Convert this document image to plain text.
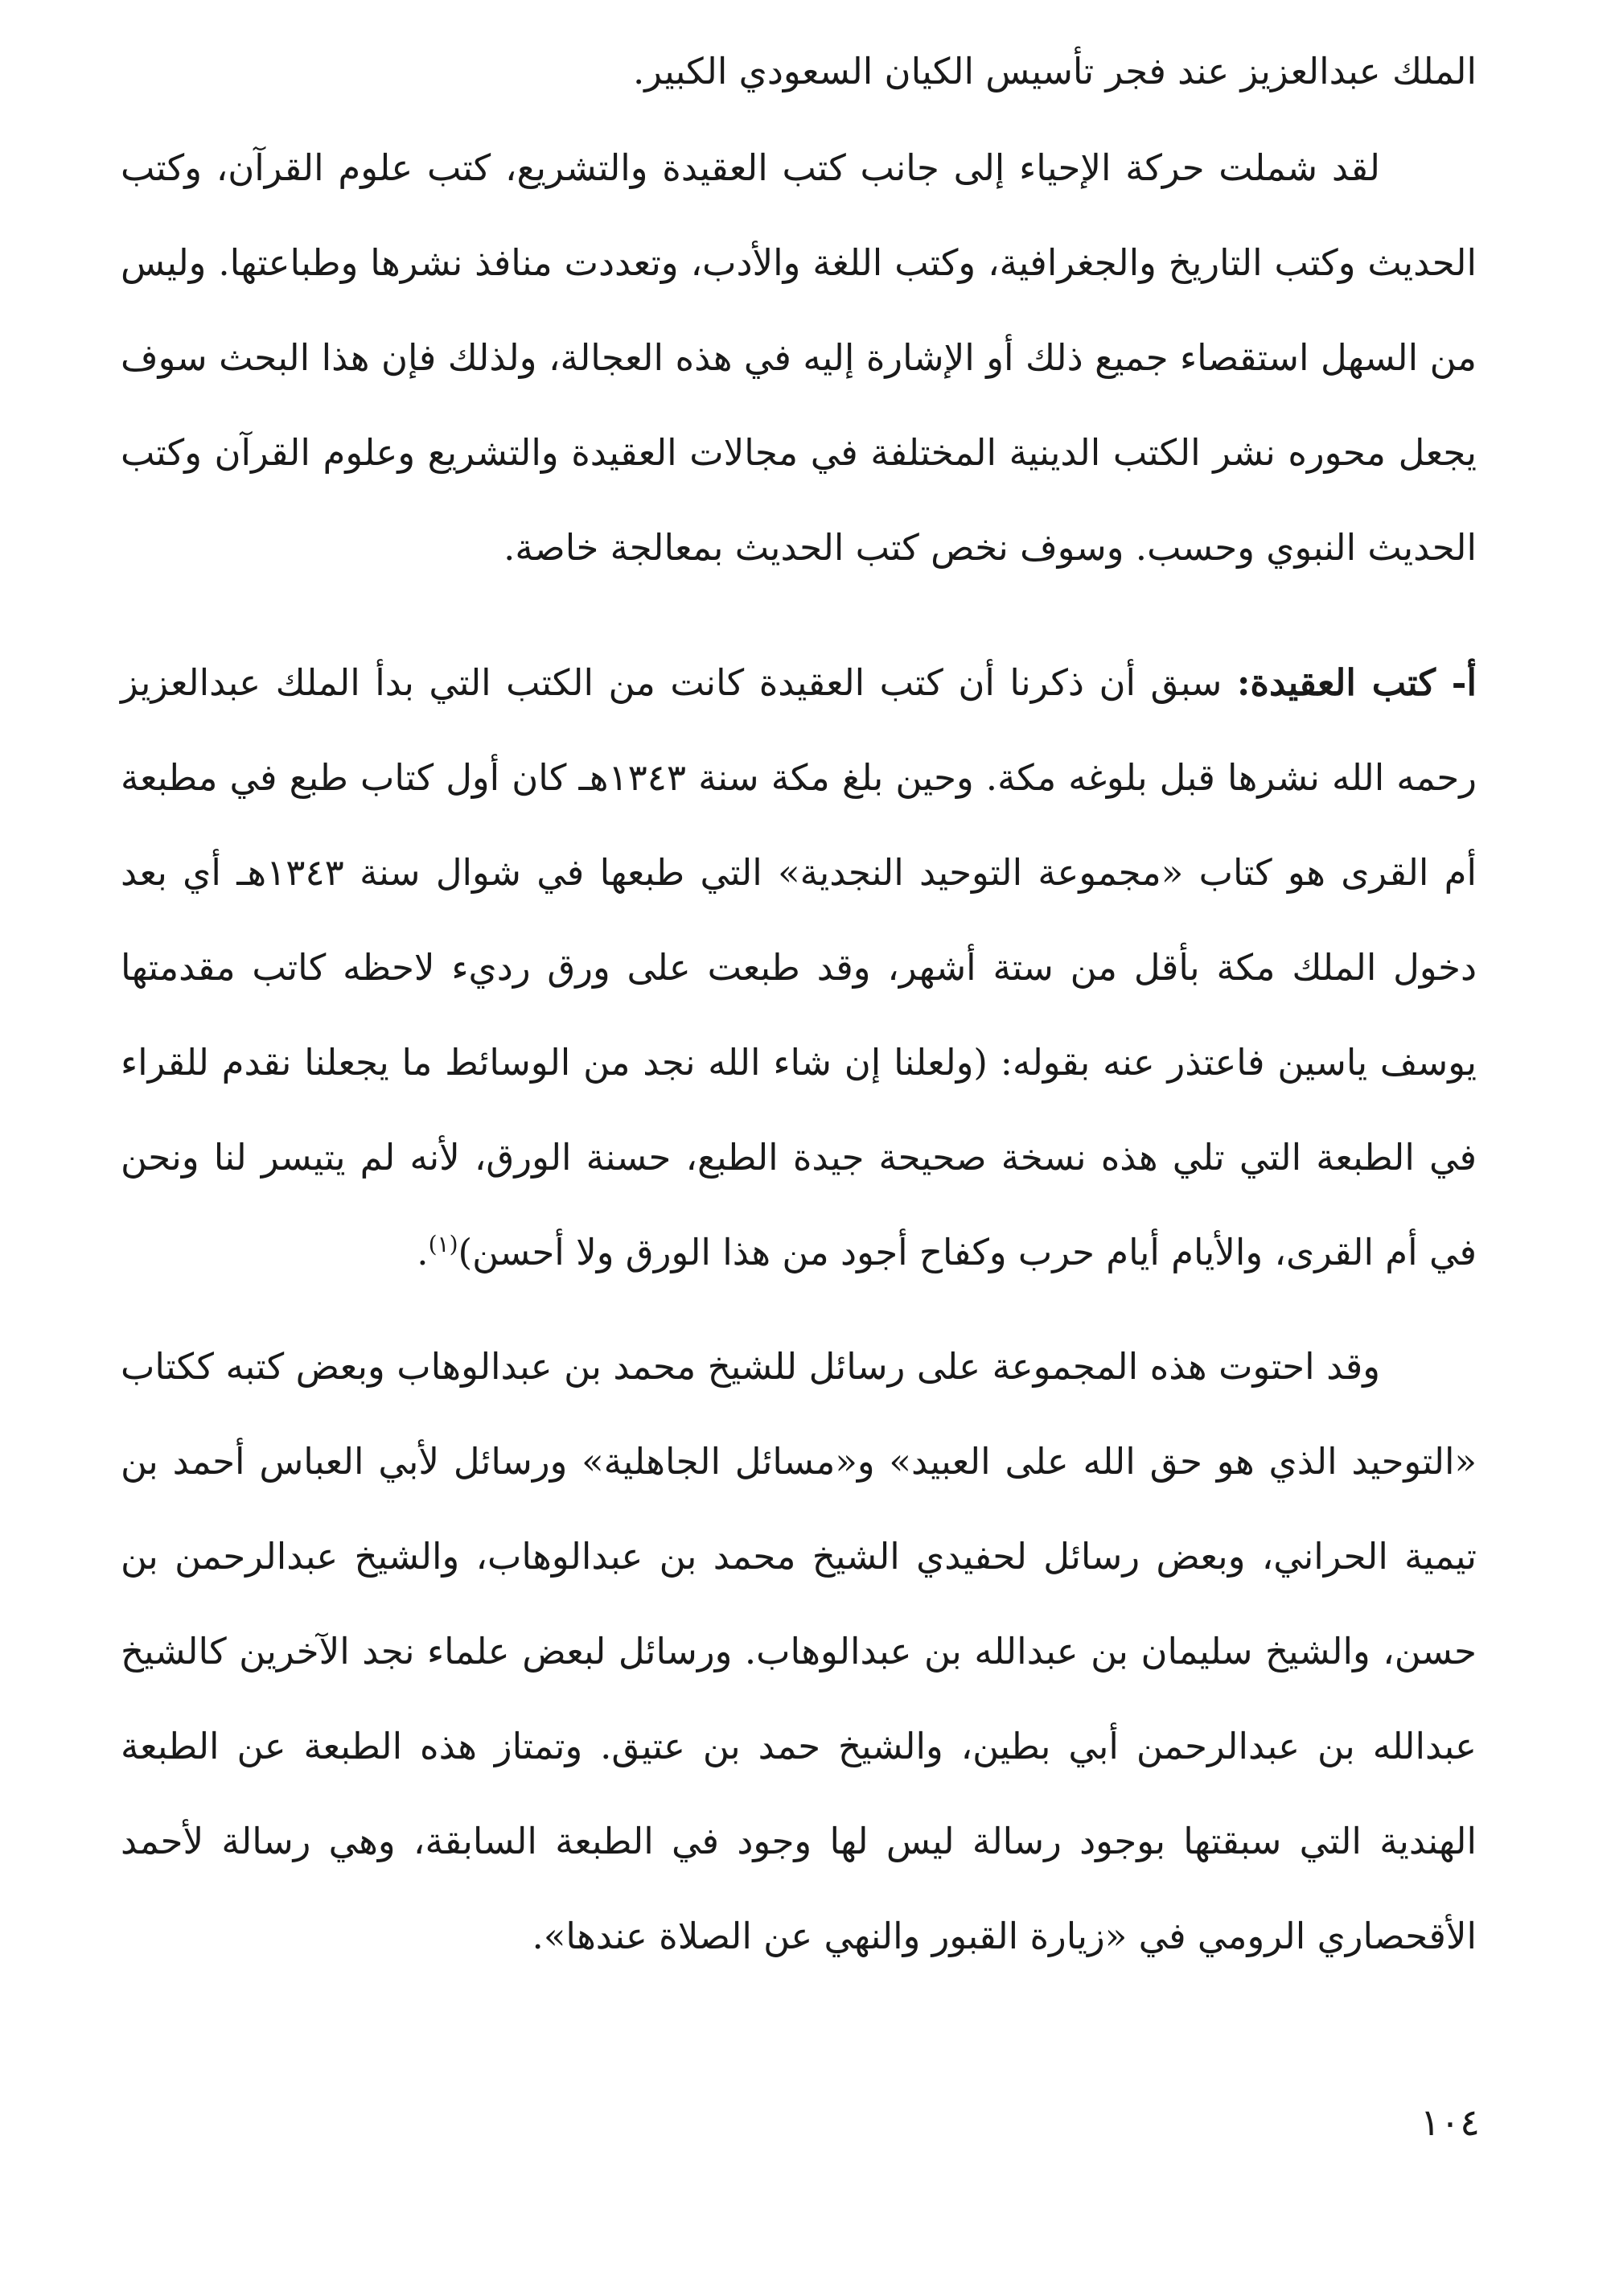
الملك عبدالعزيز عند فجر تأسيس الكيان السعودي الكبير.
لقد شملت حركة الإحياء إلى جانب كتب العقيدة والتشريع، كتب علوم القرآن، وكتب الحديث وكتب التاريخ والجغرافية، وكتب اللغة والأدب، وتعددت منافذ نشرها وطباعتها. وليس من السهل استقصاء جميع ذلك أو الإشارة إليه في هذه العجالة، ولذلك فإن هذا البحث سوف يجعل محوره نشر الكتب الدينية المختلفة في مجالات العقيدة والتشريع وعلوم القرآن وكتب الحديث النبوي وحسب. وسوف نخص كتب الحديث بمعالجة خاصة.
أ- كتب العقيدة: سبق أن ذكرنا أن كتب العقيدة كانت من الكتب التي بدأ الملك عبدالعزيز رحمه الله نشرها قبل بلوغه مكة. وحين بلغ مكة سنة ١٣٤٣هـ كان أول كتاب طبع في مطبعة أم القرى هو كتاب «مجموعة التوحيد النجدية» التي طبعها في شوال سنة ١٣٤٣هـ أي بعد دخول الملك مكة بأقل من ستة أشهر، وقد طبعت على ورق رديء لاحظه كاتب مقدمتها يوسف ياسين فاعتذر عنه بقوله: (ولعلنا إن شاء الله نجد من الوسائط ما يجعلنا نقدم للقراء في الطبعة التي تلي هذه نسخة صحيحة جيدة الطبع، حسنة الورق، لأنه لم يتيسر لنا ونحن في أم القرى، والأيام أيام حرب وكفاح أجود من هذا الورق ولا أحسن)$^{(١)}$.
وقد احتوت هذه المجموعة على رسائل للشيخ محمد بن عبدالوهاب وبعض كتبه ككتاب «التوحيد الذي هو حق الله على العبيد» و«مسائل الجاهلية» ورسائل لأبي العباس أحمد بن تيمية الحراني، وبعض رسائل لحفيدي الشيخ محمد بن عبدالوهاب، والشيخ عبدالرحمن بن حسن، والشيخ سليمان بن عبدالله بن عبدالوهاب. ورسائل لبعض علماء نجد الآخرين كالشيخ عبدالله بن عبدالرحمن أبي بطين، والشيخ حمد بن عتيق. وتمتاز هذه الطبعة عن الطبعة الهندية التي سبقتها بوجود رسالة ليس لها وجود في الطبعة السابقة، وهي رسالة لأحمد الأقحصاري الرومي في «زيارة القبور والنهي عن الصلاة عندها».
١٠٤
